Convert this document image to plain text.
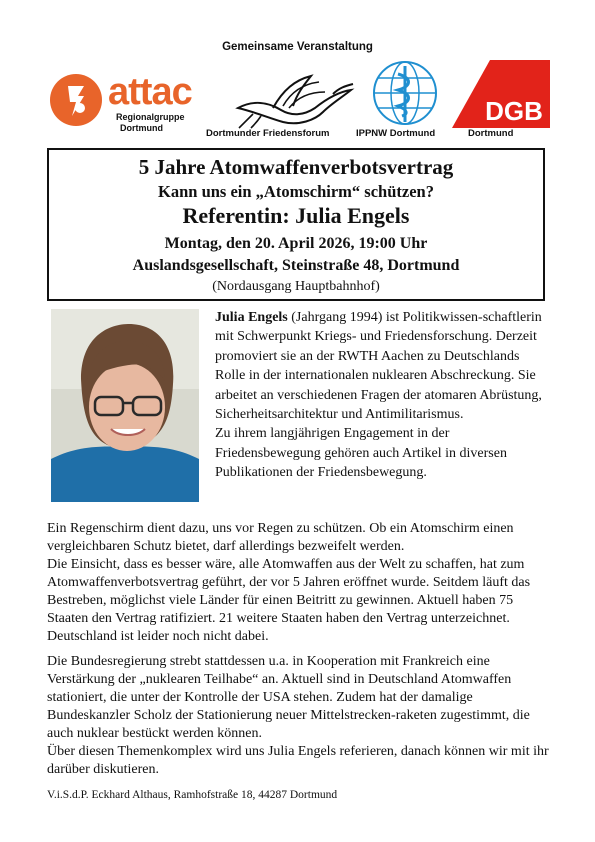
Gemeinsame Veranstaltung
attac
Regionalgruppe
Dortmund	Dortmunder Friedensforum	IPPNW Dortmund
DGB
Dortmund
5 Jahre Atomwaffenverbotsvertrag
Kann uns ein „Atomschirm“ schützen?
Referentin: Julia Engels
Montag, den 20. April 2026, 19:00 Uhr
Auslandsgesellschaft, Steinstraße 48, Dortmund
(Nordausgang Hauptbahnhof)

Julia Engels (Jahrgang 1994) ist Politikwissen-schaftlerin mit Schwerpunkt Kriegs- und Friedensforschung. Derzeit promoviert sie an der RWTH Aachen zu Deutschlands Rolle in der internationalen nuklearen Abschreckung. Sie arbeitet an verschiedenen Fragen der atomaren Abrüstung, Sicherheitsarchitektur und Antimilitarismus.

Zu ihrem langjährigen Engagement in der Friedensbewegung gehören auch Artikel in diversen Publikationen der Friedensbewegung.

Ein Regenschirm dient dazu, uns vor Regen zu schützen. Ob ein Atomschirm einen vergleichbaren Schutz bietet, darf allerdings bezweifelt werden.
Die Einsicht, dass es besser wäre, alle Atomwaffen aus der Welt zu schaffen, hat zum Atomwaffenverbotsvertrag geführt, der vor 5 Jahren eröffnet wurde. Seitdem läuft das Bestreben, möglichst viele Länder für einen Beitritt zu gewinnen. Aktuell haben 75 Staaten den Vertrag ratifiziert. 21 weitere Staaten haben den Vertrag unterzeichnet. Deutschland ist leider noch nicht dabei.

Die Bundesregierung strebt stattdessen u.a. in Kooperation mit Frankreich eine Verstärkung der „nuklearen Teilhabe“ an. Aktuell sind in Deutschland Atomwaffen stationiert, die unter der Kontrolle der USA stehen. Zudem hat der damalige Bundeskanzler Scholz der Stationierung neuer Mittelstrecken-raketen zugestimmt, die auch nuklear bestückt werden können.
Über diesen Themenkomplex wird uns Julia Engels referieren, danach können wir mit ihr darüber diskutieren.

V.i.S.d.P. Eckhard Althaus, Ramhofstraße 18, 44287 Dortmund
